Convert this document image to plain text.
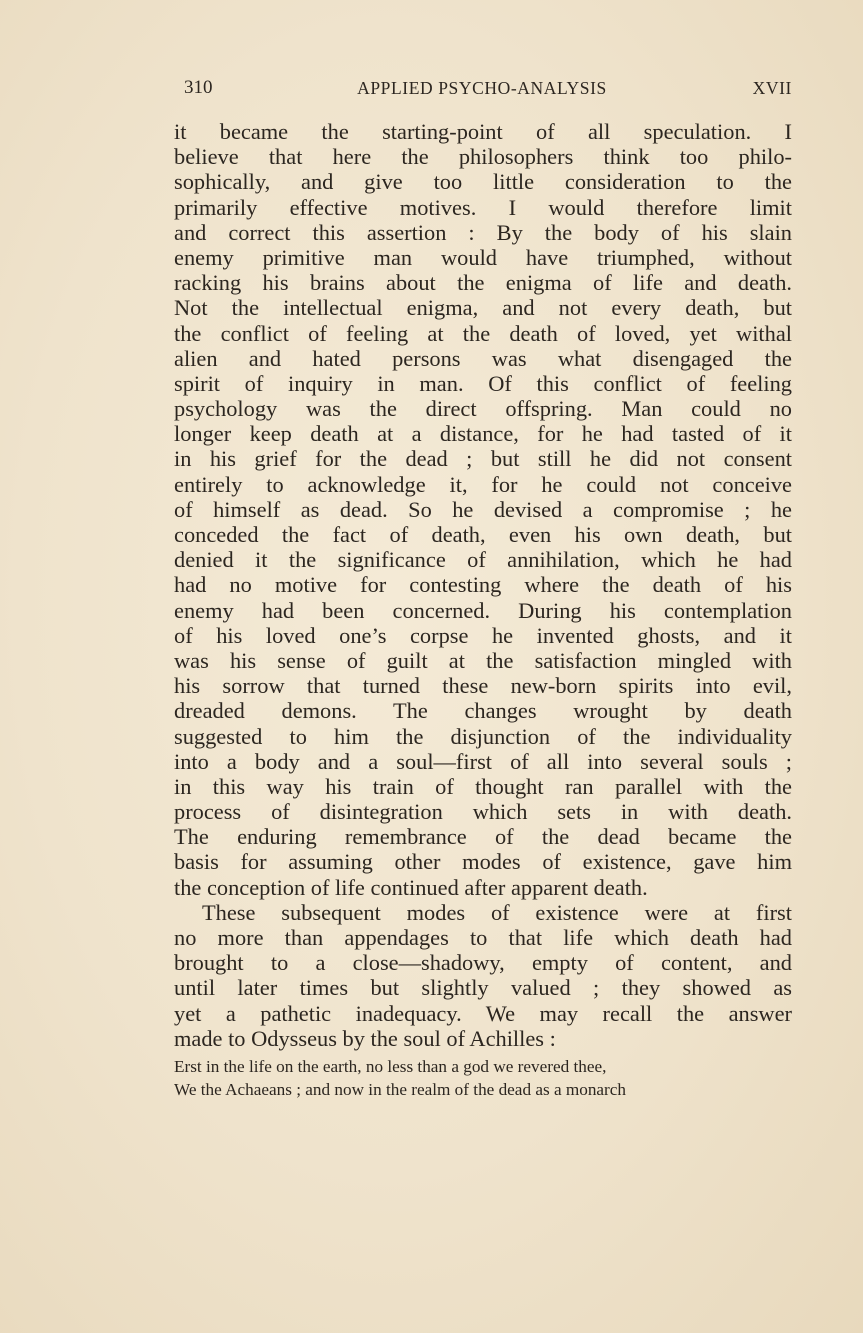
310	APPLIED PSYCHO-ANALYSIS	XVII
it became the starting-point of all speculation. I
believe that here the philosophers think too philo-
sophically, and give too little consideration to the
primarily effective motives. I would therefore limit
and correct this assertion : By the body of his slain
enemy primitive man would have triumphed, without
racking his brains about the enigma of life and death.
Not the intellectual enigma, and not every death, but
the conflict of feeling at the death of loved, yet withal
alien and hated persons was what disengaged the
spirit of inquiry in man. Of this conflict of feeling
psychology was the direct offspring. Man could no
longer keep death at a distance, for he had tasted of it
in his grief for the dead ; but still he did not consent
entirely to acknowledge it, for he could not conceive
of himself as dead. So he devised a compromise ; he
conceded the fact of death, even his own death, but
denied it the significance of annihilation, which he had
had no motive for contesting where the death of his
enemy had been concerned. During his contemplation
of his loved one’s corpse he invented ghosts, and it
was his sense of guilt at the satisfaction mingled with
his sorrow that turned these new-born spirits into evil,
dreaded demons. The changes wrought by death
suggested to him the disjunction of the individuality
into a body and a soul—first of all into several souls ;
in this way his train of thought ran parallel with the
process of disintegration which sets in with death.
The enduring remembrance of the dead became the
basis for assuming other modes of existence, gave him
the conception of life continued after apparent death.
These subsequent modes of existence were at first
no more than appendages to that life which death had
brought to a close—shadowy, empty of content, and
until later times but slightly valued ; they showed as
yet a pathetic inadequacy. We may recall the answer
made to Odysseus by the soul of Achilles :
Erst in the life on the earth, no less than a god we revered thee,
We the Achaeans ; and now in the realm of the dead as a monarch
